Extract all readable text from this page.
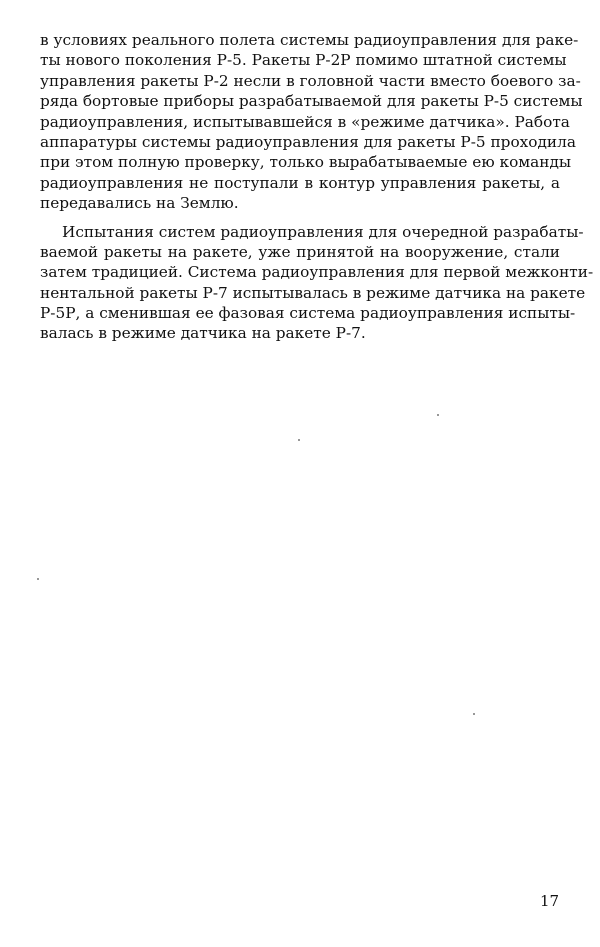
в условиях реального полета системы радиоуправления для раке-
ты нового поколения Р-5. Ракеты Р-2Р помимо штатной системы
управления ракеты Р-2 несли в головной части вместо боевого за-
ряда бортовые приборы разрабатываемой для ракеты Р-5 системы
радиоуправления, испытывавшейся в «режиме датчика». Работа
аппаратуры системы радиоуправления для ракеты Р-5 проходила
при этом полную проверку, только вырабатываемые ею команды
радиоуправления не поступали в контур управления ракеты, а
передавались на Землю.
Испытания систем радиоуправления для очередной разрабаты-
ваемой ракеты на ракете, уже принятой на вооружение, стали
затем традицией. Система радиоуправления для первой межконти-
нентальной ракеты Р-7 испытывалась в режиме датчика на ракете
Р-5Р, а сменившая ее фазовая система радиоуправления испыты-
валась в режиме датчика на ракете Р-7.
17
